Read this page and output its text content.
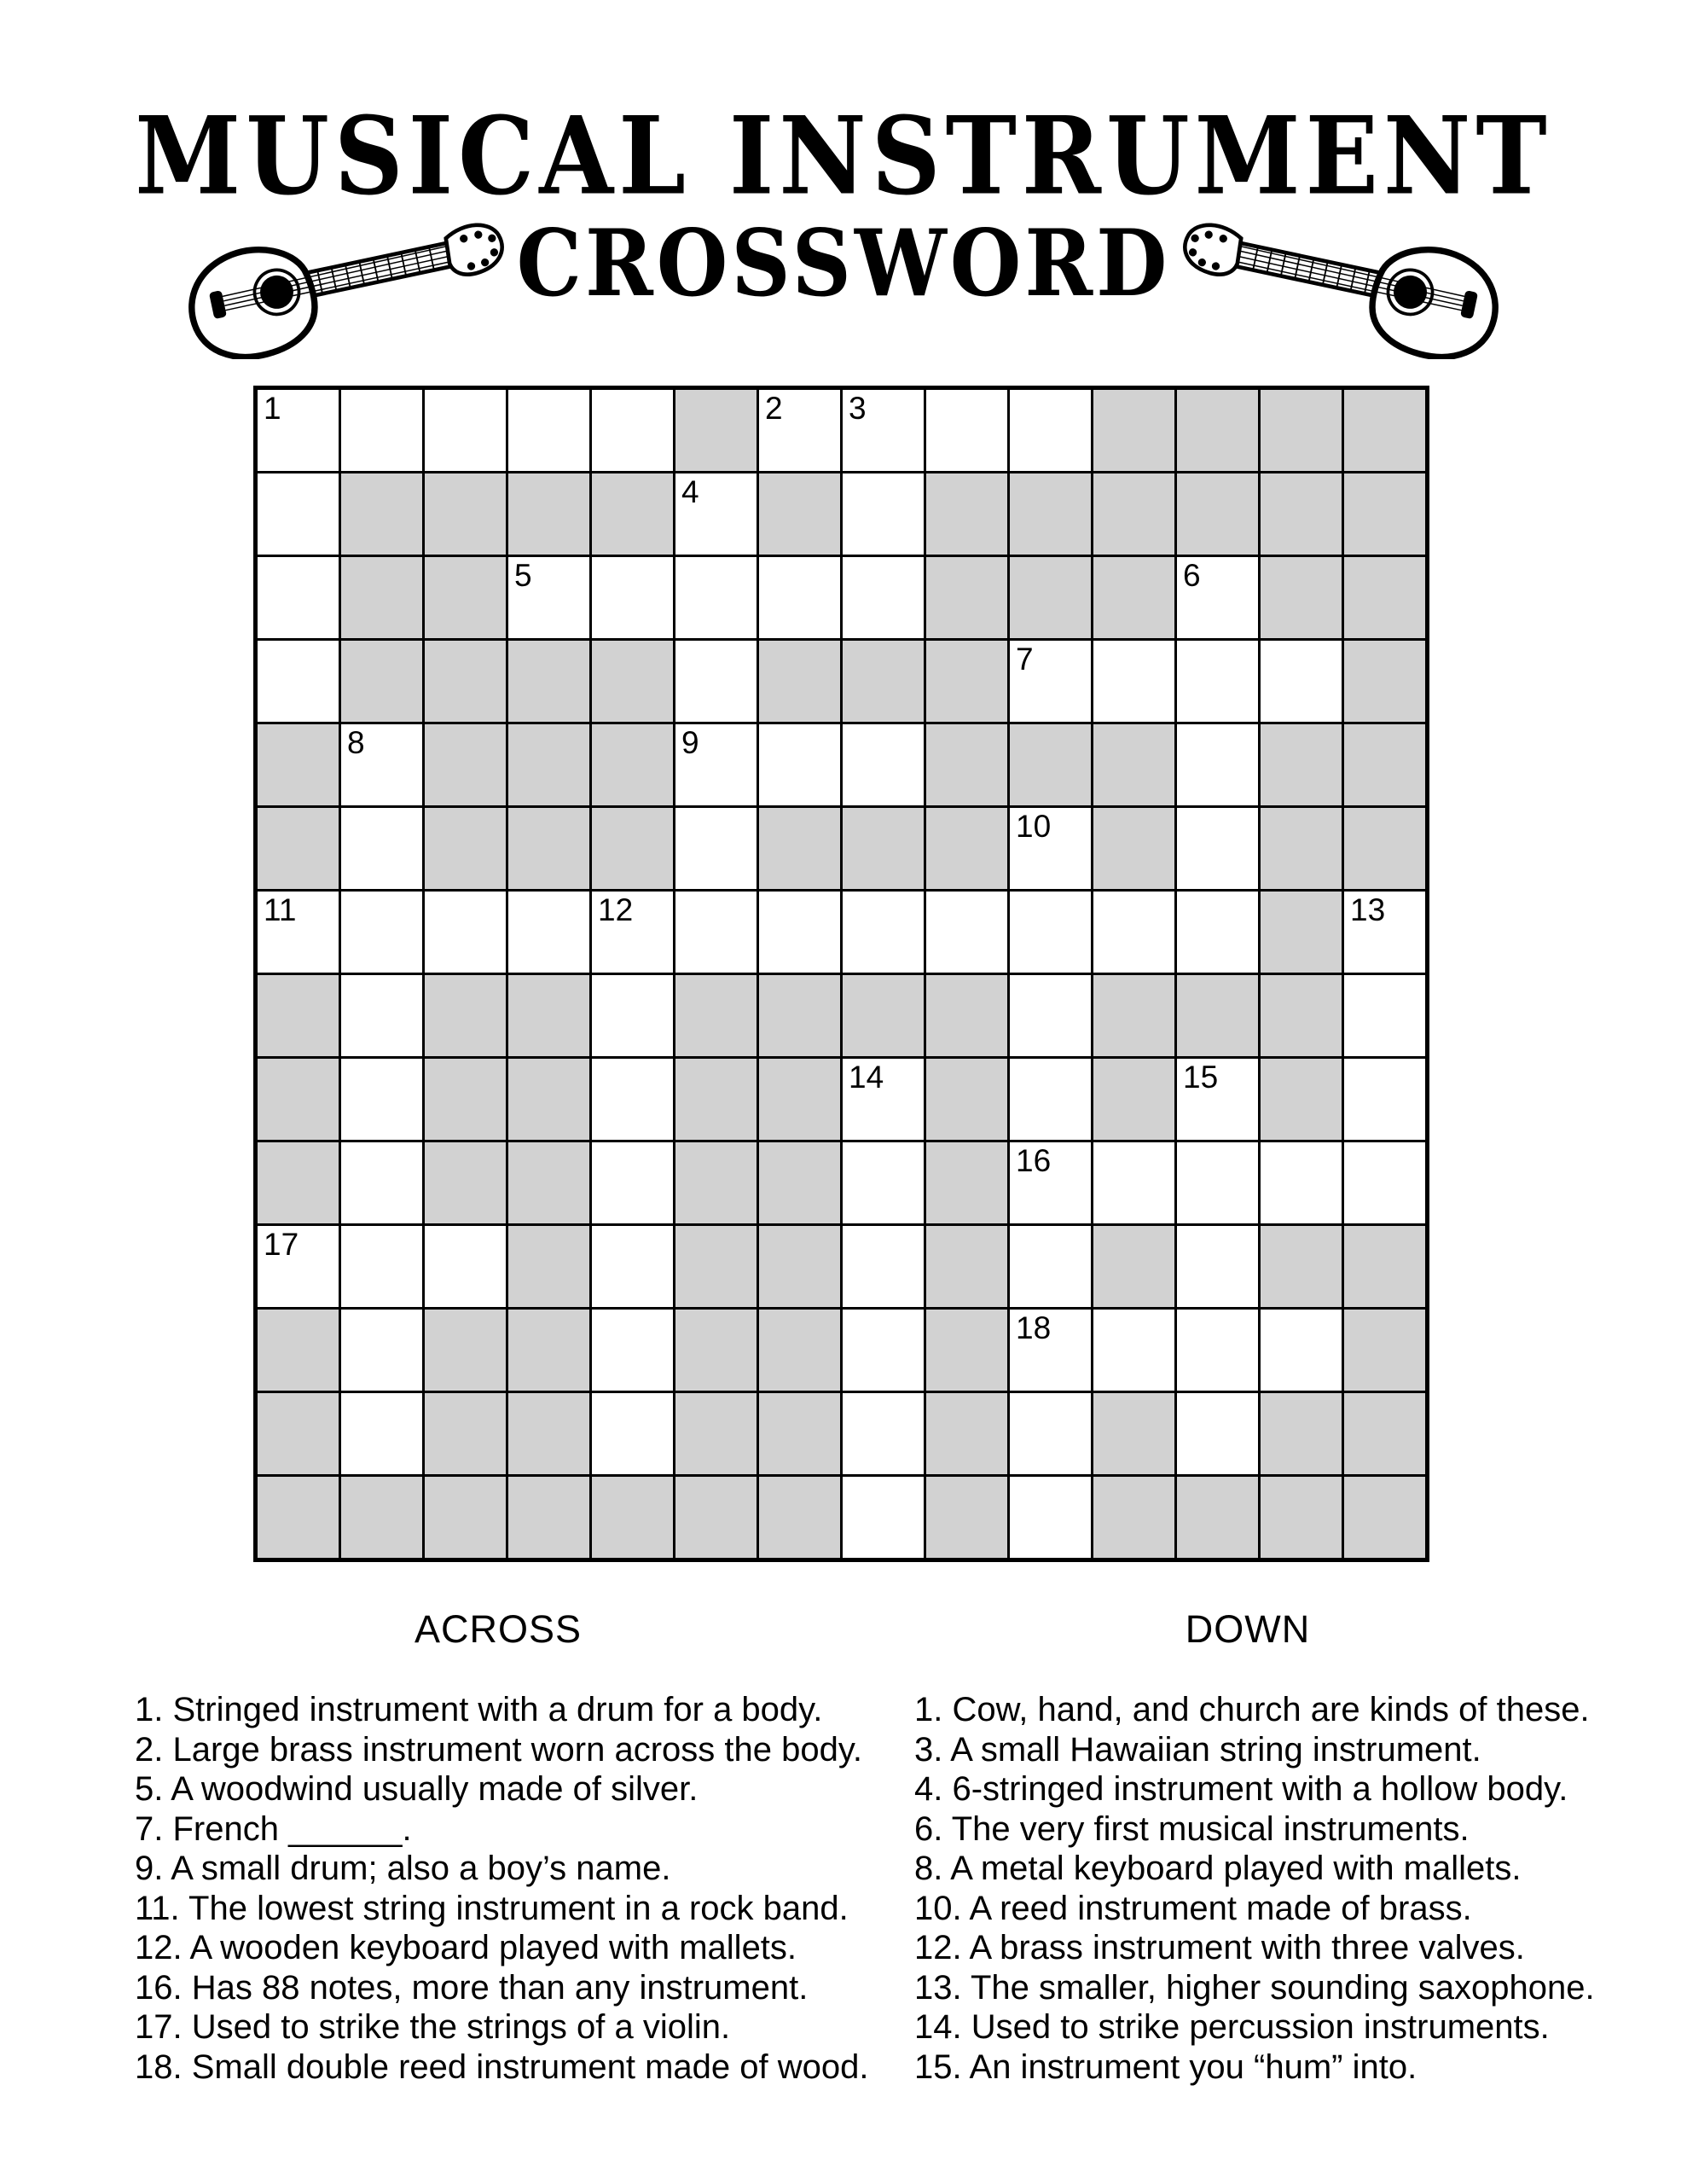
MUSICAL INSTRUMENT
CROSSWORD
1	2 3
4
5	6
7
8	9
10
11	12	13
14	15
16
17
18
ACROSS	DOWN
1. Stringed instrument with a drum for a body.
2. Large brass instrument worn across the body.
5. A woodwind usually made of silver.
7. French ______.
9. A small drum; also a boy’s name.
11. The lowest string instrument in a rock band.
12. A wooden keyboard played with mallets.
16. Has 88 notes, more than any instrument.
17. Used to strike the strings of a violin.
18. Small double reed instrument made of wood.
1. Cow, hand, and church are kinds of these.
3. A small Hawaiian string instrument.
4. 6-stringed instrument with a hollow body.
6. The very first musical instruments.
8. A metal keyboard played with mallets.
10. A reed instrument made of brass.
12. A brass instrument with three valves.
13. The smaller, higher sounding saxophone.
14. Used to strike percussion instruments.
15. An instrument you “hum” into.
